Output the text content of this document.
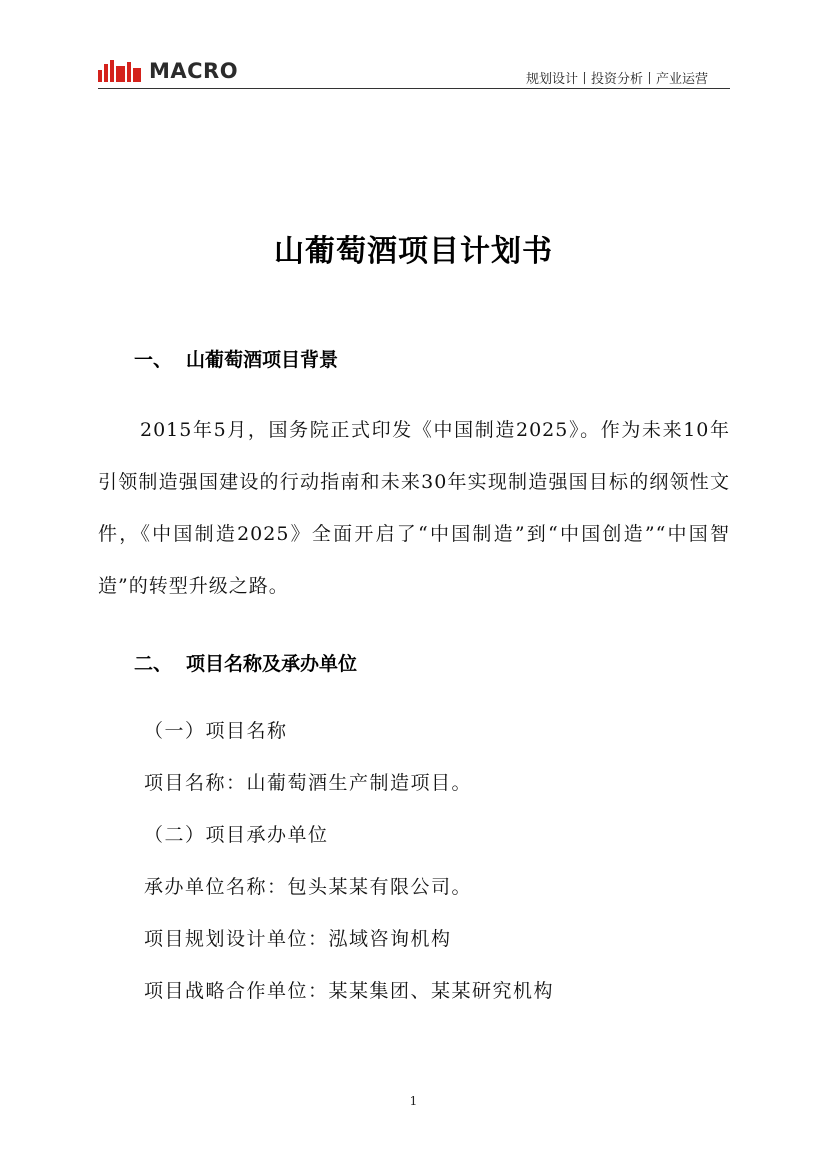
MACRO	规划设计丨投资分析丨产业运营
山葡萄酒项目计划书
一、 山葡萄酒项目背景
2015年5月，国务院正式印发《中国制造2025》。作为未来10年引领制造强国建设的行动指南和未来30年实现制造强国目标的纲领性文件，《中国制造2025》全面开启了“中国制造”到“中国创造”“中国智造”的转型升级之路。
二、 项目名称及承办单位
（一）项目名称
项目名称：山葡萄酒生产制造项目。
（二）项目承办单位
承办单位名称：包头某某有限公司。
项目规划设计单位：泓域咨询机构
项目战略合作单位：某某集团、某某研究机构
1
